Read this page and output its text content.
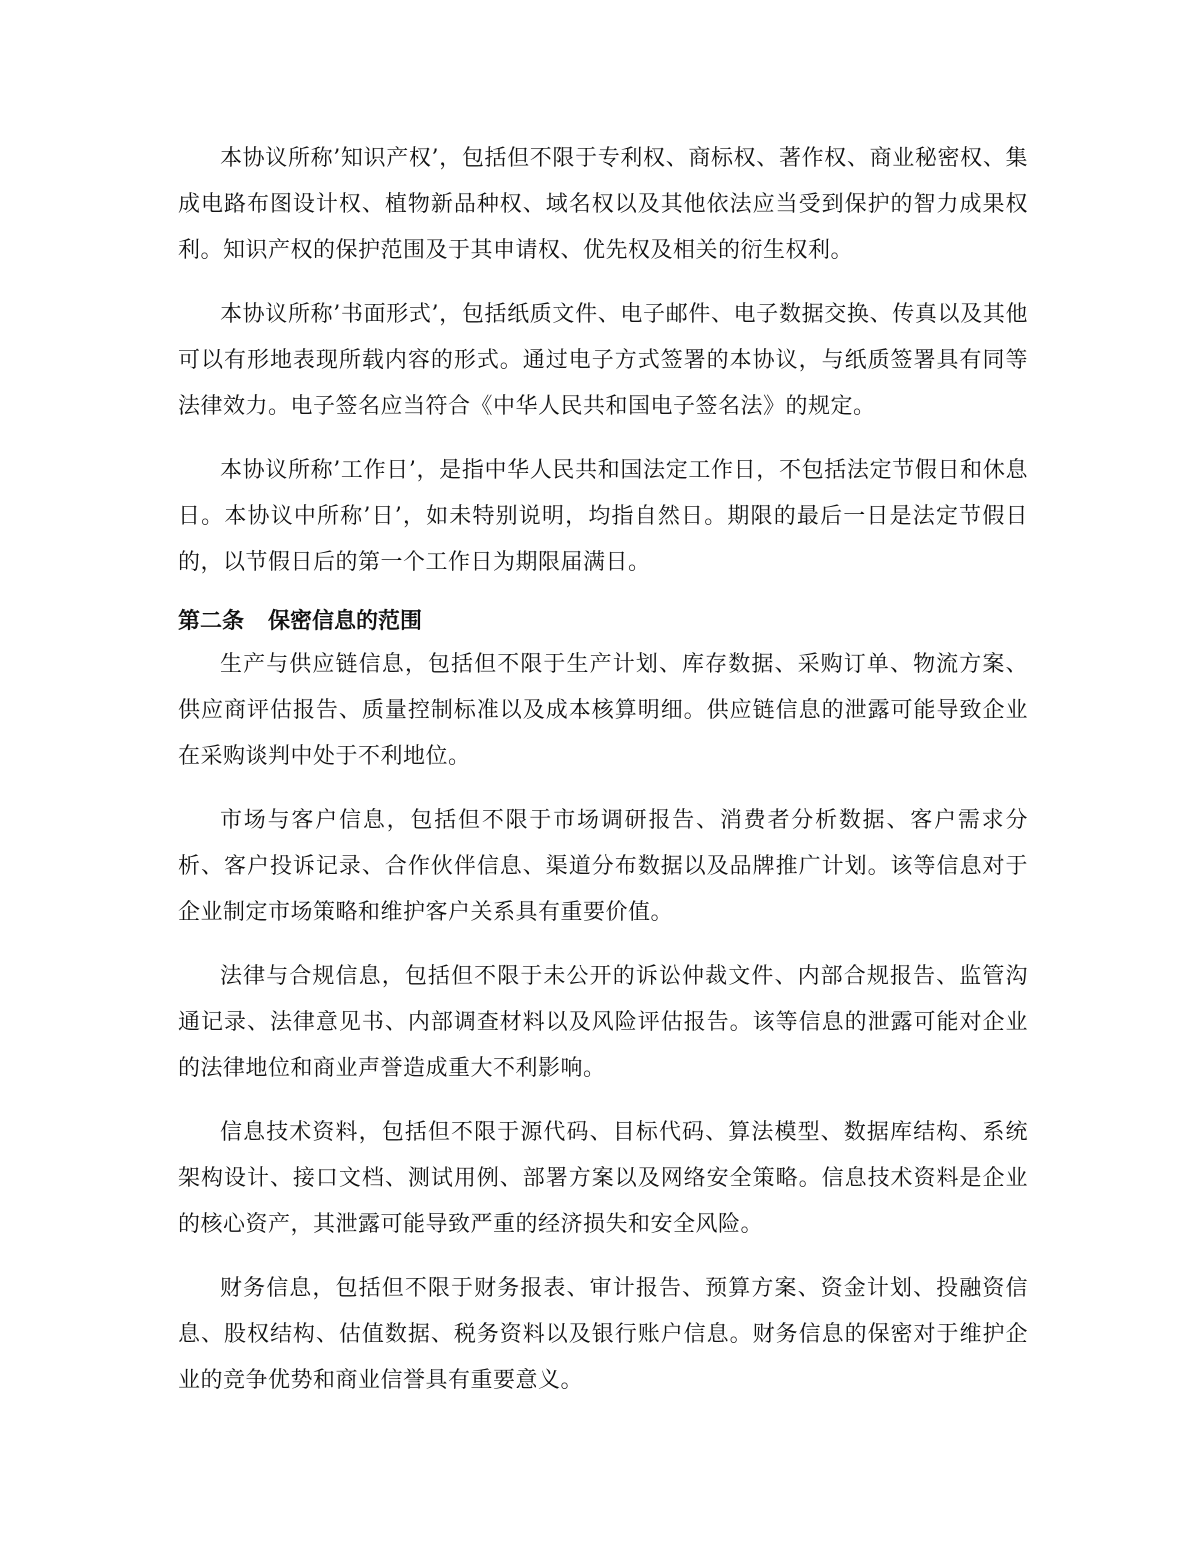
本协议所称’知识产权’，包括但不限于专利权、商标权、著作权、商业秘密权、集成电路布图设计权、植物新品种权、域名权以及其他依法应当受到保护的智力成果权利。知识产权的保护范围及于其申请权、优先权及相关的衍生权利。

本协议所称’书面形式’，包括纸质文件、电子邮件、电子数据交换、传真以及其他可以有形地表现所载内容的形式。通过电子方式签署的本协议，与纸质签署具有同等法律效力。电子签名应当符合《中华人民共和国电子签名法》的规定。

本协议所称’工作日’，是指中华人民共和国法定工作日，不包括法定节假日和休息日。本协议中所称’日’，如未特别说明，均指自然日。期限的最后一日是法定节假日的，以节假日后的第一个工作日为期限届满日。

第二条 保密信息的范围

生产与供应链信息，包括但不限于生产计划、库存数据、采购订单、物流方案、供应商评估报告、质量控制标准以及成本核算明细。供应链信息的泄露可能导致企业在采购谈判中处于不利地位。

市场与客户信息，包括但不限于市场调研报告、消费者分析数据、客户需求分析、客户投诉记录、合作伙伴信息、渠道分布数据以及品牌推广计划。该等信息对于企业制定市场策略和维护客户关系具有重要价值。

法律与合规信息，包括但不限于未公开的诉讼仲裁文件、内部合规报告、监管沟通记录、法律意见书、内部调查材料以及风险评估报告。该等信息的泄露可能对企业的法律地位和商业声誉造成重大不利影响。

信息技术资料，包括但不限于源代码、目标代码、算法模型、数据库结构、系统架构设计、接口文档、测试用例、部署方案以及网络安全策略。信息技术资料是企业的核心资产，其泄露可能导致严重的经济损失和安全风险。

财务信息，包括但不限于财务报表、审计报告、预算方案、资金计划、投融资信息、股权结构、估值数据、税务资料以及银行账户信息。财务信息的保密对于维护企业的竞争优势和商业信誉具有重要意义。
